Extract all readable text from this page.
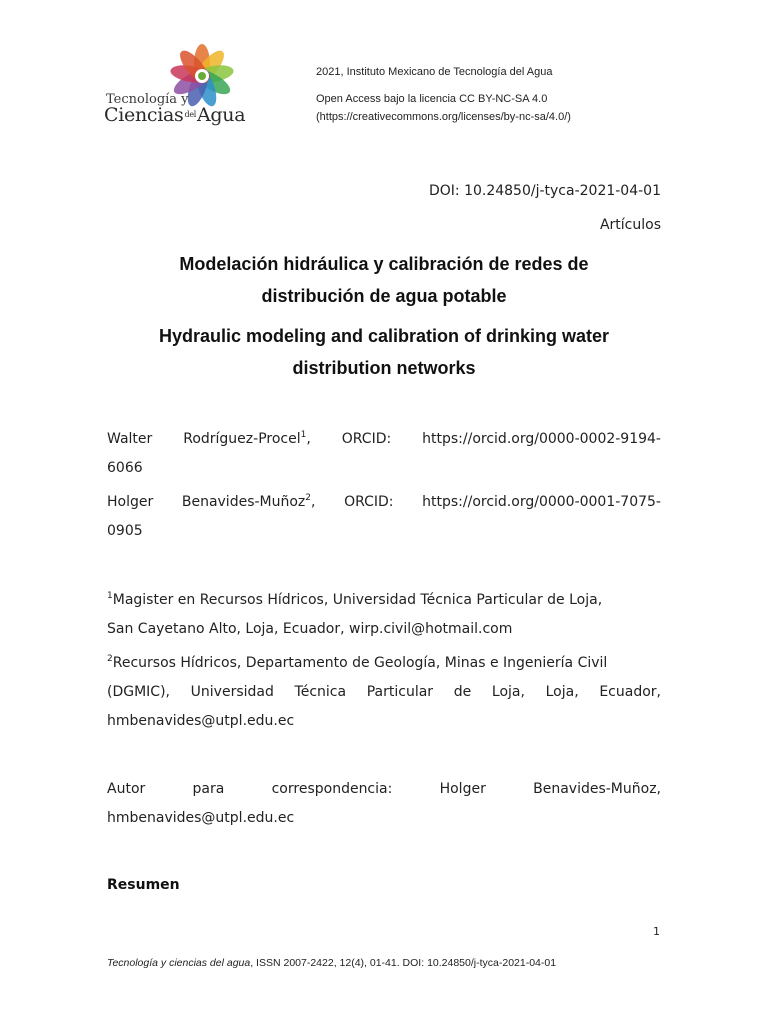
Tecnología y
Ciencias$^{del}$Agua
2021, Instituto Mexicano de Tecnología del Agua
Open Access bajo la licencia CC BY-NC-SA 4.0
(https://creativecommons.org/licenses/by-nc-sa/4.0/)
DOI: 10.24850/j-tyca-2021-04-01
Artículos
Modelación hidráulica y calibración de redes de
distribución de agua potable
Hydraulic modeling and calibration of drinking water
distribution networks
Walter Rodríguez-Procel$^1$, ORCID: https://orcid.org/0000-0002-9194-
6066
Holger Benavides-Muñoz$^2$, ORCID: https://orcid.org/0000-0001-7075-
0905
$^1$Magister en Recursos Hídricos, Universidad Técnica Particular de Loja,
San Cayetano Alto, Loja, Ecuador, wirp.civil@hotmail.com
$^2$Recursos Hídricos, Departamento de Geología, Minas e Ingeniería Civil
(DGMIC), Universidad Técnica Particular de Loja, Loja, Ecuador,
hmbenavides@utpl.edu.ec
Autor	para	correspondencia:	Holger	Benavides-Muñoz,
hmbenavides@utpl.edu.ec
Resumen
1
Tecnología y ciencias del agua, ISSN 2007-2422, 12(4), 01-41. DOI: 10.24850/j-tyca-2021-04-01
